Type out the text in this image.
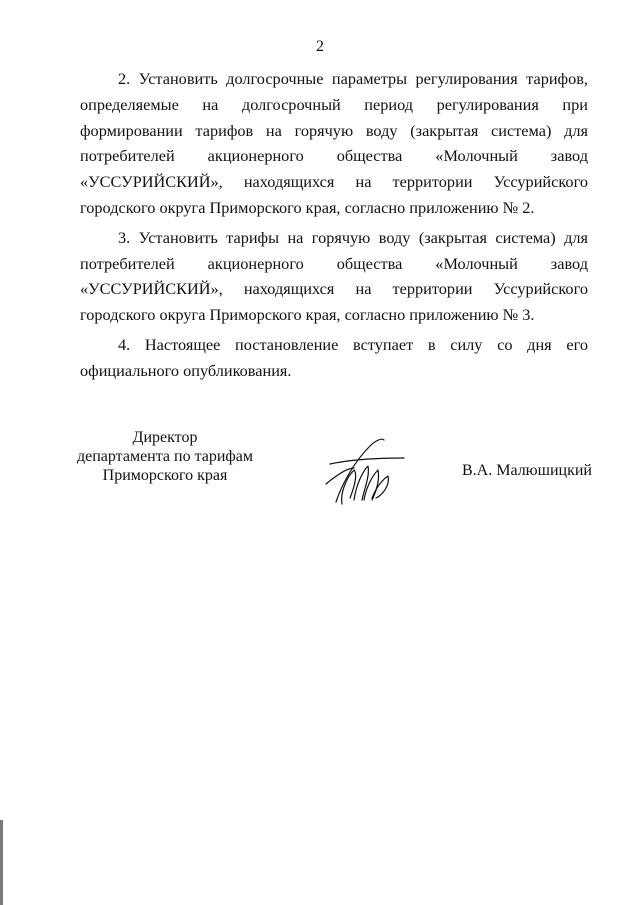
2

2. Установить долгосрочные параметры регулирования тарифов, определяемые на долгосрочный период регулирования при формировании тарифов на горячую воду (закрытая система) для потребителей акционерного общества «Молочный завод «УССУРИЙСКИЙ», находящихся на территории Уссурийского городского округа Приморского края, согласно приложению № 2.

3. Установить тарифы на горячую воду (закрытая система) для потребителей акционерного общества «Молочный завод «УССУРИЙСКИЙ», находящихся на территории Уссурийского городского округа Приморского края, согласно приложению № 3.

4. Настоящее постановление вступает в силу со дня его официального опубликования.

Директор
департамента по тарифам
Приморского края	В.А. Малюшицкий
